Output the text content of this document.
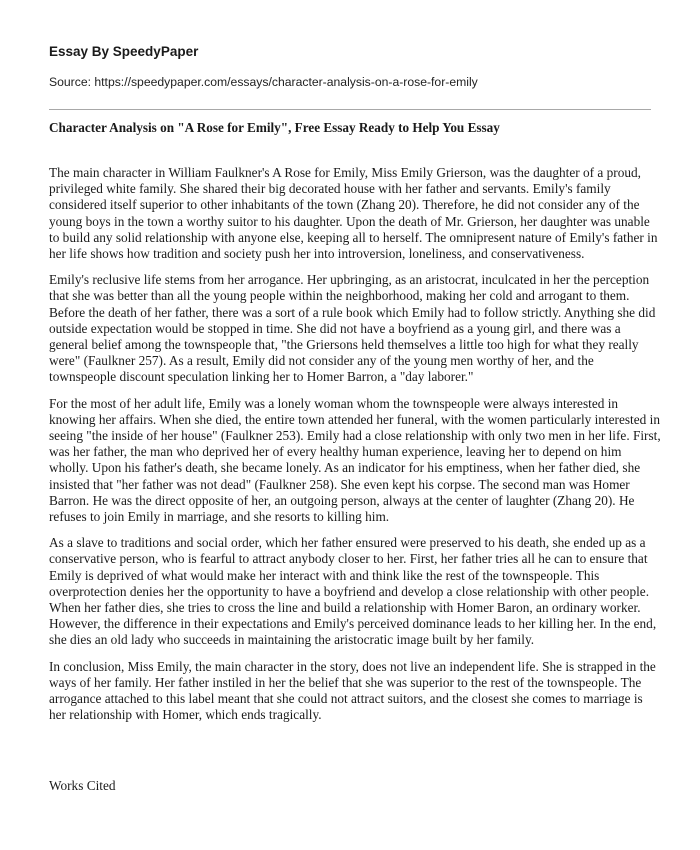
Essay By SpeedyPaper
Source: https://speedypaper.com/essays/character-analysis-on-a-rose-for-emily
Character Analysis on "A Rose for Emily", Free Essay Ready to Help You Essay

The main character in William Faulkner's A Rose for Emily, Miss Emily Grierson, was the daughter of a proud, privileged white family. She shared their big decorated house with her father and servants. Emily's family considered itself superior to other inhabitants of the town (Zhang 20). Therefore, he did not consider any of the young boys in the town a worthy suitor to his daughter. Upon the death of Mr. Grierson, her daughter was unable to build any solid relationship with anyone else, keeping all to herself. The omnipresent nature of Emily's father in her life shows how tradition and society push her into introversion, loneliness, and conservativeness.

Emily's reclusive life stems from her arrogance. Her upbringing, as an aristocrat, inculcated in her the perception that she was better than all the young people within the neighborhood, making her cold and arrogant to them. Before the death of her father, there was a sort of a rule book which Emily had to follow strictly. Anything she did outside expectation would be stopped in time. She did not have a boyfriend as a young girl, and there was a general belief among the townspeople that, "the Griersons held themselves a little too high for what they really were" (Faulkner 257). As a result, Emily did not consider any of the young men worthy of her, and the townspeople discount speculation linking her to Homer Barron, a "day laborer."

For the most of her adult life, Emily was a lonely woman whom the townspeople were always interested in knowing her affairs. When she died, the entire town attended her funeral, with the women particularly interested in seeing "the inside of her house" (Faulkner 253). Emily had a close relationship with only two men in her life. First, was her father, the man who deprived her of every healthy human experience, leaving her to depend on him wholly. Upon his father's death, she became lonely. As an indicator for his emptiness, when her father died, she insisted that "her father was not dead" (Faulkner 258). She even kept his corpse. The second man was Homer Barron. He was the direct opposite of her, an outgoing person, always at the center of laughter (Zhang 20). He refuses to join Emily in marriage, and she resorts to killing him.

As a slave to traditions and social order, which her father ensured were preserved to his death, she ended up as a conservative person, who is fearful to attract anybody closer to her. First, her father tries all he can to ensure that Emily is deprived of what would make her interact with and think like the rest of the townspeople. This overprotection denies her the opportunity to have a boyfriend and develop a close relationship with other people. When her father dies, she tries to cross the line and build a relationship with Homer Baron, an ordinary worker. However, the difference in their expectations and Emily's perceived dominance leads to her killing her. In the end, she dies an old lady who succeeds in maintaining the aristocratic image built by her family.

In conclusion, Miss Emily, the main character in the story, does not live an independent life. She is strapped in the ways of her family. Her father instiled in her the belief that she was superior to the rest of the townspeople. The arrogance attached to this label meant that she could not attract suitors, and the closest she comes to marriage is her relationship with Homer, which ends tragically.

Works Cited
